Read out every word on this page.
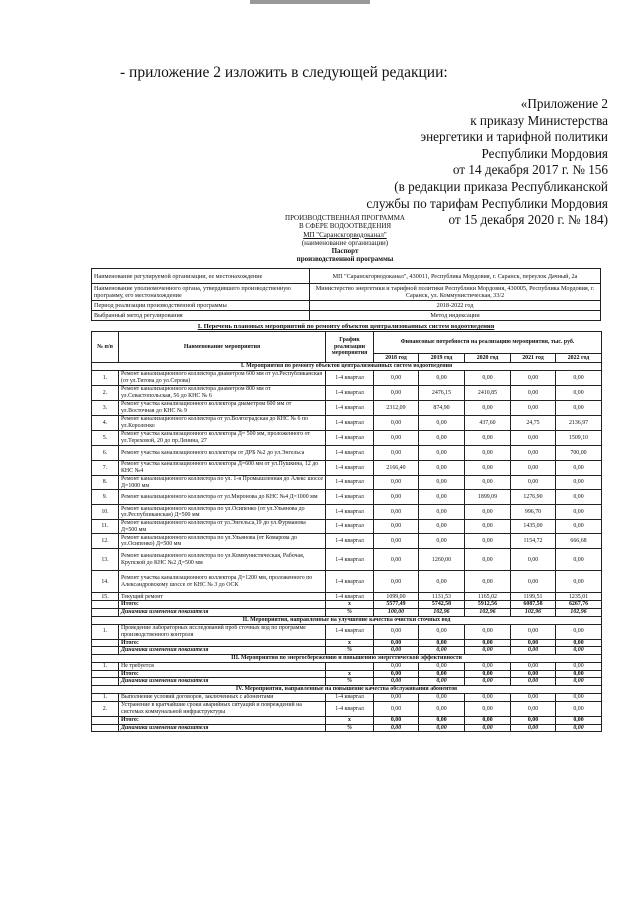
- приложение 2 изложить в следующей редакции:
«Приложение 2
к приказу Министерства
энергетики и тарифной политики
Республики Мордовия
от 14 декабря 2017 г. № 156
(в редакции приказа Республиканской
службы по тарифам Республики Мордовия
от 15 декабря 2020 г. № 184)
ПРОИЗВОДСТВЕННАЯ ПРОГРАММА
В СФЕРЕ ВОДООТВЕДЕНИЯ
МП "Саранскгорводоканал"
(наименование организации)
Паспорт
производственной программы
Наименование регулируемой организации, ее местонахождение	МП "Саранскгорводоканал", 430011, Республика Мордовия, г. Саранск, переулок Дачный, 2а
Наименование уполномоченного органа, утвердившего производственную программу, его местонахождение	Министерство энергетики и тарифной политики Республики Мордовия, 430005, Республика Мордовия, г. Саранск, ул. Коммунистическая, 33/2
Период реализации производственной программы	2018-2022 год
Выбранный метод регулирования	Метод индексации
I. Перечень плановых мероприятий по ремонту объектов централизованных систем водоотведения
№ п/п	Наименование мероприятия	График реализации мероприятия	Финансовые потребности на реализацию мероприятия, тыс. руб.				
			2018 год	2019 год	2020 год	2021 год	2022 год
I. Мероприятия по ремонту объектов централизованных систем водоотведения							
1.	Ремонт канализационного коллектора диаметром 600 мм от ул.Республиканская (от ул.Титова до ул.Серова)	1-4 квартал	0,00	0,00	0,00	0,00	0,00
2.	Ремонт канализационного коллектора диаметром 800 мм от ул.Севастопольская, 56 до КНС № 6	1-4 квартал	0,00	2476,15	2410,85	0,00	0,00
3.	Ремонт участка канализационного коллектора диаметром 600 мм от ул.Восточная до КНС № 9	1-4 квартал	2312,09	874,90	0,00	0,00	0,00
4.	Ремонт канализационного коллектора от ул.Волгоградская до КНС № 6 по ул.Короленко	1-4 квартал	0,00	0,00	437,60	24,75	2136,97
5.	Ремонт участка канализационного коллектора Д= 500 мм, проложенного от ул.Тереховой, 20 до пр.Ленина, 27	1-4 квартал	0,00	0,00	0,00	0,00	1509,10
6.	Ремонт участка канализационного коллектора от ДРБ №2 до ул.Энгельса	1-4 квартал	0,00	0,00	0,00	0,00	700,00
7.	Ремонт участка канализационного коллектора Д=600 мм от ул.Пушкина, 12 до КНС №4	1-4 квартал	2166,40	0,00	0,00	0,00	0,00
8.	Ремонт канализационного коллектора по ул. 1-я Промышленная до Алекс шоссе Д=1000 мм	1-4 квартал	0,00	0,00	0,00	0,00	0,00
9.	Ремонт канализационного коллектора от ул.Миронова до КНС №4 Д=1000 мм	1-4 квартал	0,00	0,00	1899,09	1276,90	0,00
10.	Ремонт канализационного коллектора по ул.Осипенко (от ул.Ульянова до ул.Республиканская) Д=500 мм	1-4 квартал	0,00	0,00	0,00	996,70	0,00
11.	Ремонт канализационного коллектора от ул.Энгельса,19 до ул.Фурманова Д=500 мм	1-4 квартал	0,00	0,00	0,00	1435,00	0,00
12.	Ремонт канализационного коллектора по ул.Ульянова (от Комарова до ул.Осипенко) Д=500 мм	1-4 квартал	0,00	0,00	0,00	1154,72	666,68
13.	Ремонт канализационного коллектора по ул.Коммунистическая, Рабочая, Крупской до КНС №2 Д=500 мм	1-4 квартал	0,00	1260,00	0,00	0,00	0,00
14.	Ремонт участка канализационного коллектора Д=1200 мм, проложенного по Александровскому шоссе от КНС № 3 до ОСК	1-4 квартал	0,00	0,00	0,00	0,00	0,00
15.	Текущий ремонт	1-4 квартал	1099,00	1131,53	1165,02	1199,51	1235,01
	Итого:	x	5577,49	5742,58	5912,56	6087,58	6267,76
	Динамика изменения показателя	%	100,00	102,96	102,96	102,96	102,96
II. Мероприятия, направленные на улучшение качества очистки сточных вод							
1.	Проведение лабораторных исследований проб сточных вод по программе производственного контроля	1-4 квартал	0,00	0,00	0,00	0,00	0,00
	Итого:	x	0,00	0,00	0,00	0,00	0,00
	Динамика изменения показателя	%	0,00	0,00	0,00	0,00	0,00
III. Мероприятия по энергосбережению и повышению энергетической эффективности							
1.	Не требуется		0,00	0,00	0,00	0,00	0,00
	Итого:	x	0,00	0,00	0,00	0,00	0,00
	Динамика изменения показателя	%	0,00	0,00	0,00	0,00	0,00
IV. Мероприятия, направленные на повышение качества обслуживания абонентов							
1.	Выполнение условий договоров, заключенных с абонентами	1-4 квартал	0,00	0,00	0,00	0,00	0,00
2.	Устранение в кратчайшие сроки аварийных ситуаций и повреждений на системах коммунальной инфраструктуры	1-4 квартал	0,00	0,00	0,00	0,00	0,00
	Итого:	x	0,00	0,00	0,00	0,00	0,00
	Динамика изменения показателя	%	0,00	0,00	0,00	0,00	0,00
